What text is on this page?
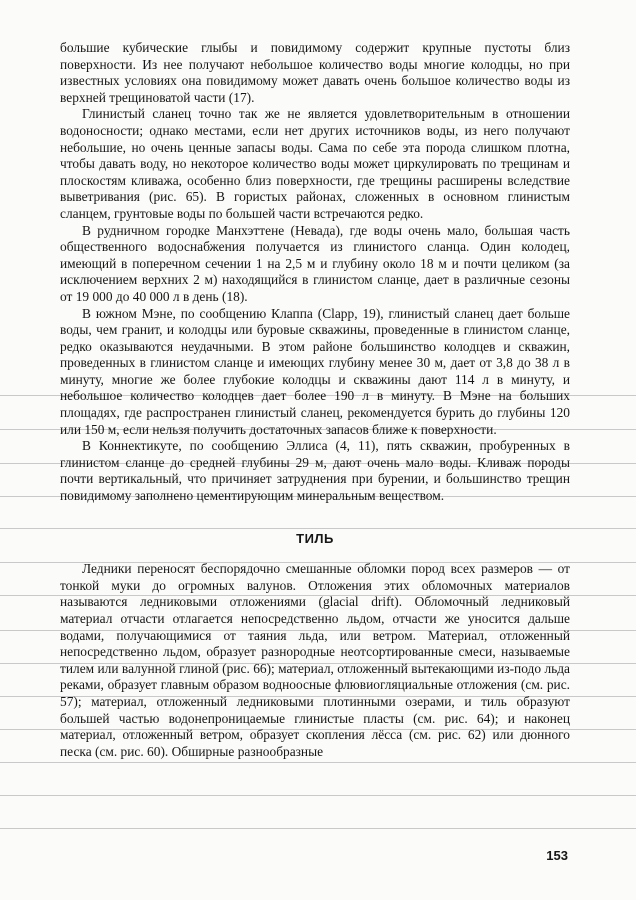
большие кубические глыбы и повидимому содержит крупные пустоты близ поверхности. Из нее получают небольшое количество воды многие колодцы, но при известных условиях она повидимому может давать очень большое количество воды из верхней трещиноватой части (17).

Глинистый сланец точно так же не является удовлетворительным в отношении водоносности; однако местами, если нет других источников воды, из него получают небольшие, но очень ценные запасы воды. Сама по себе эта порода слишком плотна, чтобы давать воду, но некоторое количество воды может циркулировать по трещинам и плоскостям кливажа, особенно близ поверхности, где трещины расширены вследствие выветривания (рис. 65). В гористых районах, сложенных в основном глинистым сланцем, грунтовые воды по большей части встречаются редко.

В рудничном городке Манхэттене (Невада), где воды очень мало, большая часть общественного водоснабжения получается из глинистого сланца. Один колодец, имеющий в поперечном сечении 1 на 2,5 м и глубину около 18 м и почти целиком (за исключением верхних 2 м) находящийся в глинистом сланце, дает в различные сезоны от 19 000 до 40 000 л в день (18).

В южном Мэне, по сообщению Клаппа (Clapp, 19), глинистый сланец дает больше воды, чем гранит, и колодцы или буровые скважины, проведенные в глинистом сланце, редко оказываются неудачными. В этом районе большинство колодцев и скважин, проведенных в глинистом сланце и имеющих глубину менее 30 м, дает от 3,8 до 38 л в минуту, многие же более глубокие колодцы и скважины дают 114 л в минуту, и небольшое количество колодцев дает более 190 л в минуту. В Мэне на больших площадях, где распространен глинистый сланец, рекомендуется бурить до глубины 120 или 150 м, если нельзя получить достаточных запасов ближе к поверхности.

В Коннектикуте, по сообщению Эллиса (4, 11), пять скважин, пробуренных в глинистом сланце до средней глубины 29 м, дают очень мало воды. Кливаж породы почти вертикальный, что причиняет затруднения при бурении, и большинство трещин повидимому заполнено цементирующим минеральным веществом.

ТИЛЬ

Ледники переносят беспорядочно смешанные обломки пород всех размеров — от тонкой муки до огромных валунов. Отложения этих обломочных материалов называются ледниковыми отложениями (glacial drift). Обломочный ледниковый материал отчасти отлагается непосредственно льдом, отчасти же уносится дальше водами, получающимися от таяния льда, или ветром. Материал, отложенный непосредственно льдом, образует разнородные неотсортированные смеси, называемые тилем или валунной глиной (рис. 66); материал, отложенный вытекающими из-подо льда реками, образует главным образом водноосные флювиогляциальные отложения (см. рис. 57); материал, отложенный ледниковыми плотинными озерами, и тиль образуют большей частью водонепроницаемые глинистые пласты (см. рис. 64); и наконец материал, отложенный ветром, образует скопления лёсса (см. рис. 62) или дюнного песка (см. рис. 60). Обширные разнообразные

153
